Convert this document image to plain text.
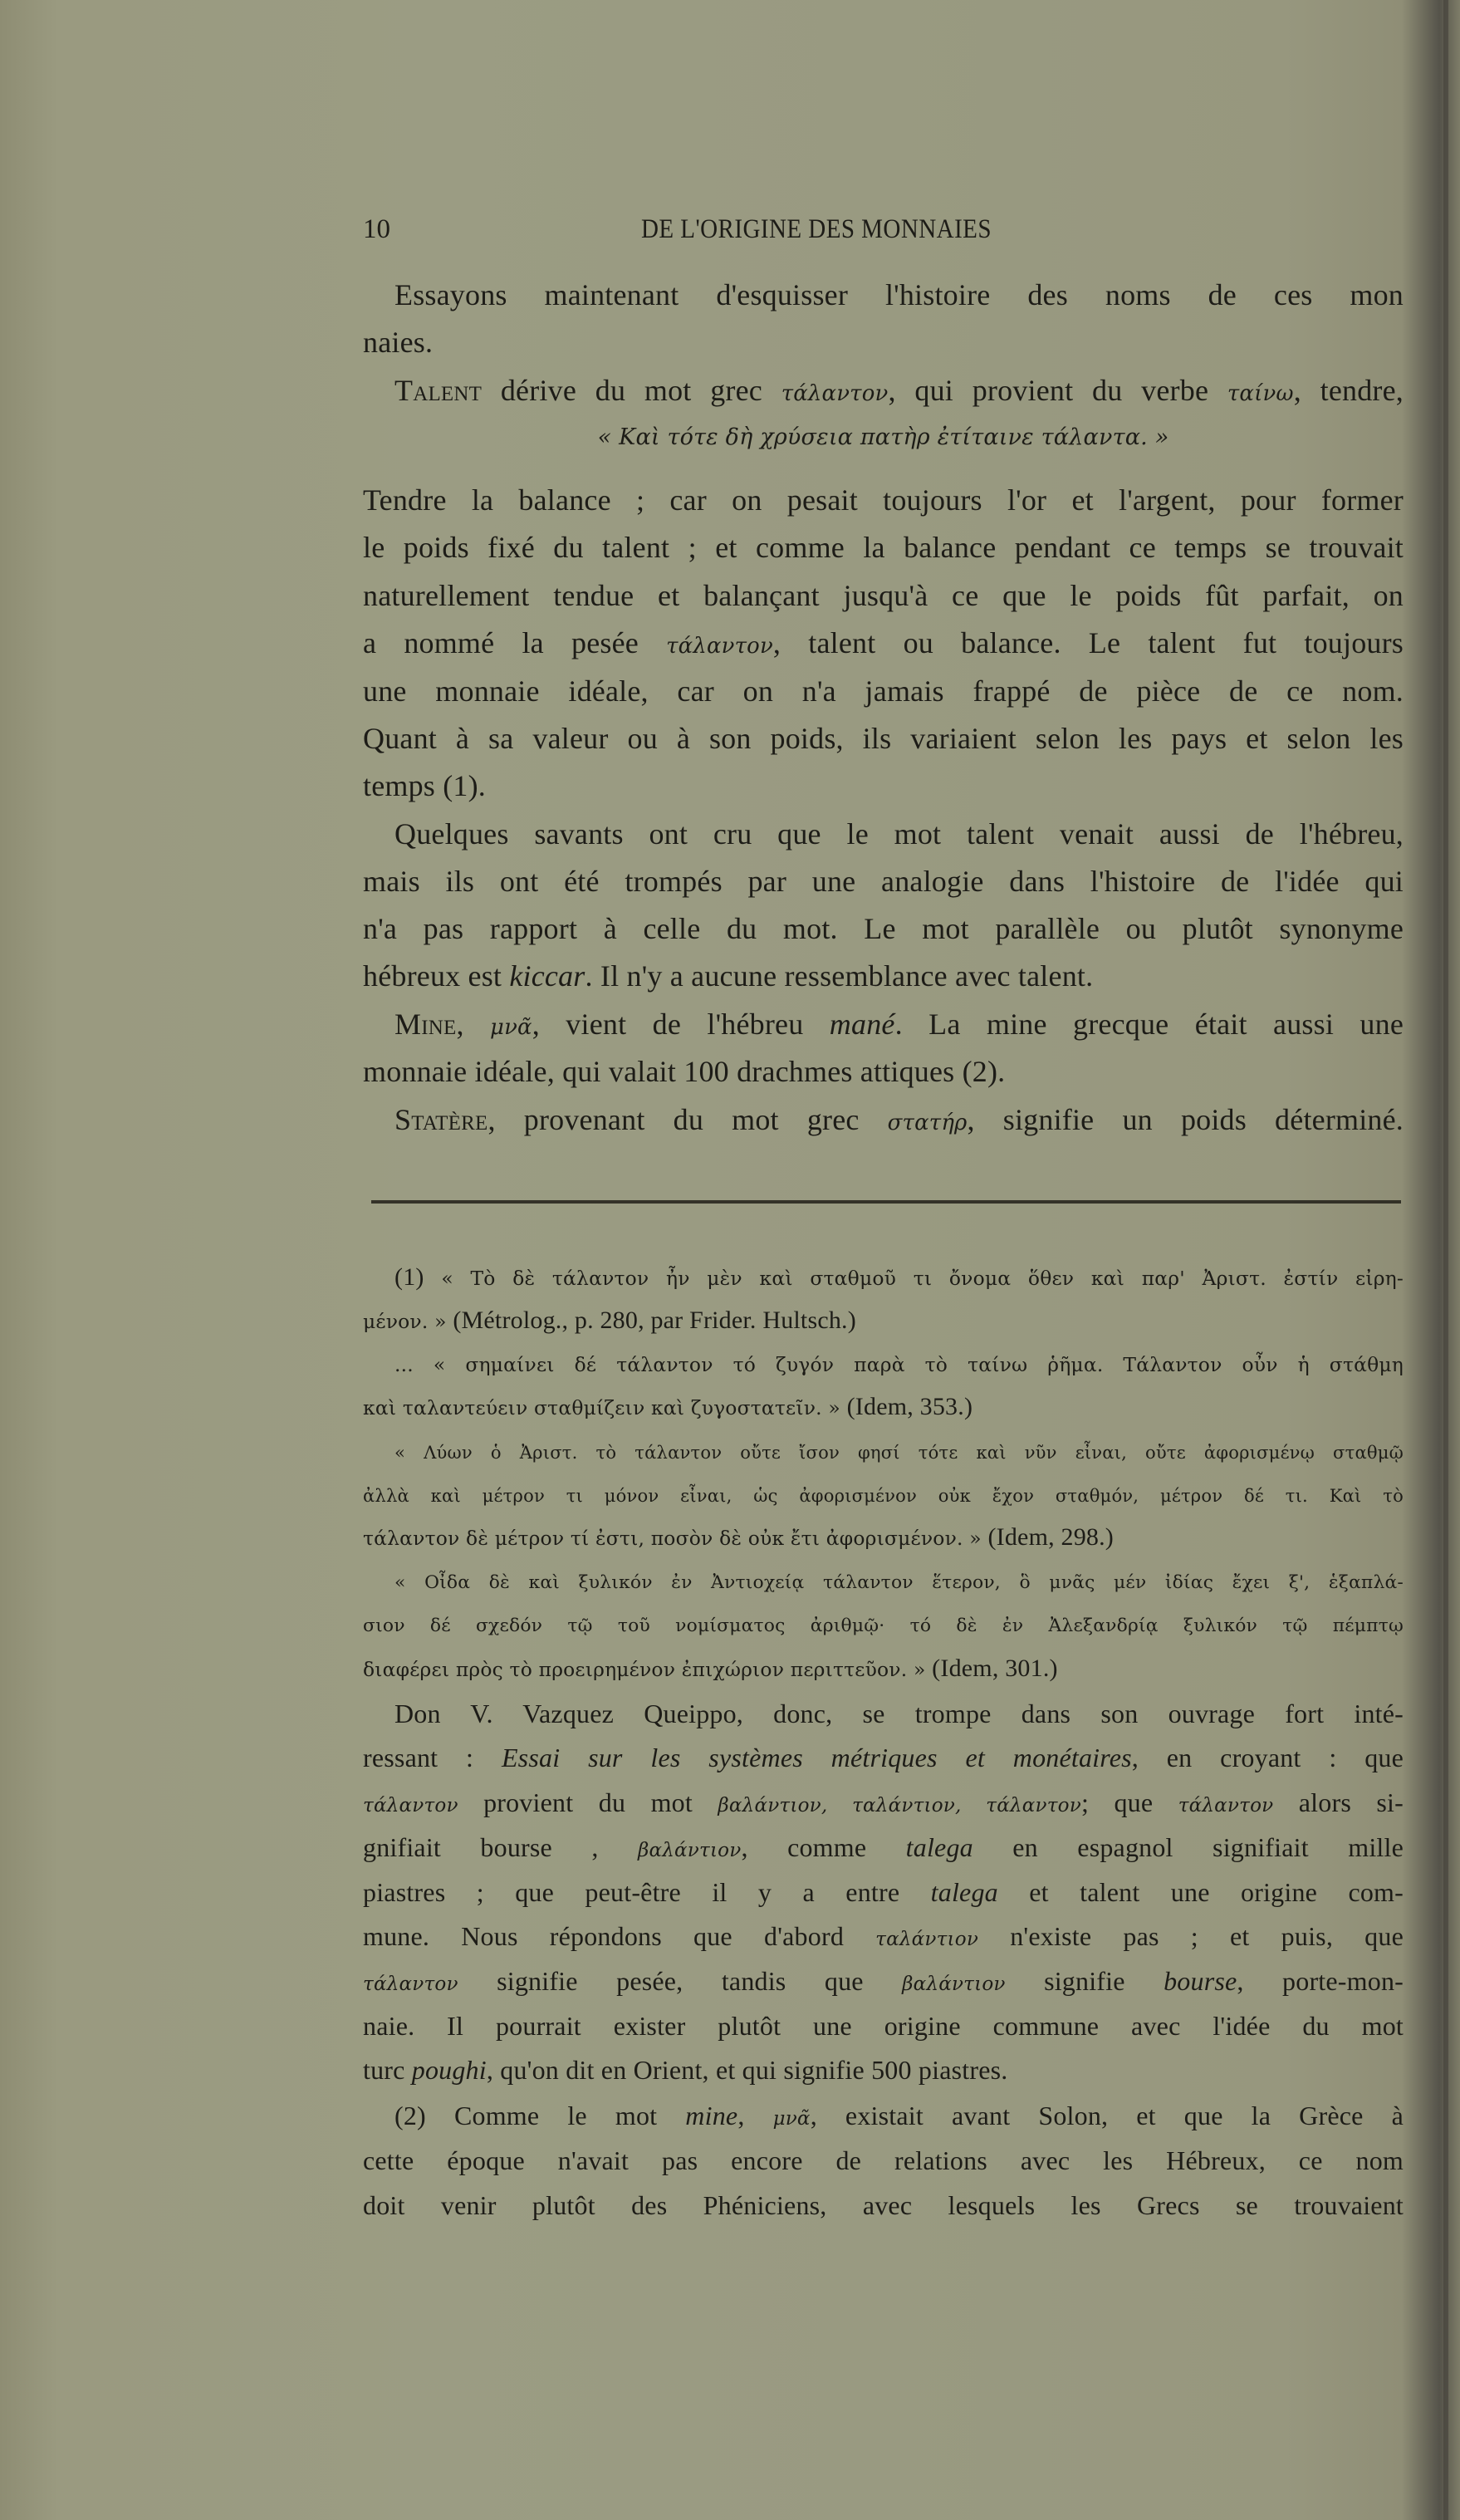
10	DE L'ORIGINE DES MONNAIES
Essayons maintenant d'esquisser l'histoire des noms de ces mon
naies.
Talent dérive du mot grec τάλαντον, qui provient du verbe ταίνω, tendre,
« Καὶ τότε δὴ χρύσεια πατὴρ ἐτίταινε τάλαντα. »
Tendre la balance ; car on pesait toujours l'or et l'argent, pour former
le poids fixé du talent ; et comme la balance pendant ce temps se trouvait
naturellement tendue et balançant jusqu'à ce que le poids fût parfait, on
a nommé la pesée τάλαντον, talent ou balance. Le talent fut toujours
une monnaie idéale, car on n'a jamais frappé de pièce de ce nom.
Quant à sa valeur ou à son poids, ils variaient selon les pays et selon les
temps (1).
Quelques savants ont cru que le mot talent venait aussi de l'hébreu,
mais ils ont été trompés par une analogie dans l'histoire de l'idée qui
n'a pas rapport à celle du mot. Le mot parallèle ou plutôt synonyme
hébreux est kiccar. Il n'y a aucune ressemblance avec talent.
Mine, μνᾶ, vient de l'hébreu mané. La mine grecque était aussi une
monnaie idéale, qui valait 100 drachmes attiques (2).
Statère, provenant du mot grec στατήρ, signifie un poids déterminé.
(1) « Τὸ δὲ τάλαντον ἦν μὲν καὶ σταθμοῦ τι ὄνομα ὅθεν καὶ παρ' Ἀριστ. ἐστίν εἰρη-
μένον. » (Métrolog., p. 280, par Frider. Hultsch.)
... « σημαίνει δέ τάλαντον τό ζυγόν παρὰ τὸ ταίνω ῥῆμα. Τάλαντον οὖν ἡ στάθμη
καὶ ταλαντεύειν σταθμίζειν καὶ ζυγοστατεῖν. » (Idem, 353.)
« Λύων ὁ Ἀριστ. τὸ τάλαντον οὔτε ἴσον φησί τότε καὶ νῦν εἶναι, οὔτε ἀφορισμένῳ σταθμῷ
ἀλλὰ καὶ μέτρον τι μόνον εἶναι, ὡς ἀφορισμένον οὐκ ἔχον σταθμόν, μέτρον δέ τι. Καὶ τὸ
τάλαντον δὲ μέτρον τί ἐστι, ποσὸν δὲ οὐκ ἔτι ἀφορισμένον. » (Idem, 298.)
« Οἶδα δὲ καὶ ξυλικόν ἐν Ἀντιοχείᾳ τάλαντον ἕτερον, ὃ μνᾶς μέν ἰδίας ἔχει ξ', ἑξαπλά-
σιον δέ σχεδόν τῷ τοῦ νομίσματος ἀριθμῷ· τό δὲ ἐν Ἀλεξανδρίᾳ ξυλικόν τῷ πέμπτῳ
διαφέρει πρὸς τὸ προειρημένον ἐπιχώριον περιττεῦον. » (Idem, 301.)
Don V. Vazquez Queippo, donc, se trompe dans son ouvrage fort inté-
ressant : Essai sur les systèmes métriques et monétaires, en croyant : que
τάλαντον provient du mot βαλάντιον, ταλάντιον, τάλαντον; que τάλαντον alors si-
gnifiait bourse , βαλάντιον, comme talega en espagnol signifiait mille
piastres ; que peut-être il y a entre talega et talent une origine com-
mune. Nous répondons que d'abord ταλάντιον n'existe pas ; et puis, que
τάλαντον signifie pesée, tandis que βαλάντιον signifie bourse, porte-mon-
naie. Il pourrait exister plutôt une origine commune avec l'idée du mot
turc poughi, qu'on dit en Orient, et qui signifie 500 piastres.
(2) Comme le mot mine, μνᾶ, existait avant Solon, et que la Grèce à
cette époque n'avait pas encore de relations avec les Hébreux, ce nom
doit venir plutôt des Phéniciens, avec lesquels les Grecs se trouvaient
